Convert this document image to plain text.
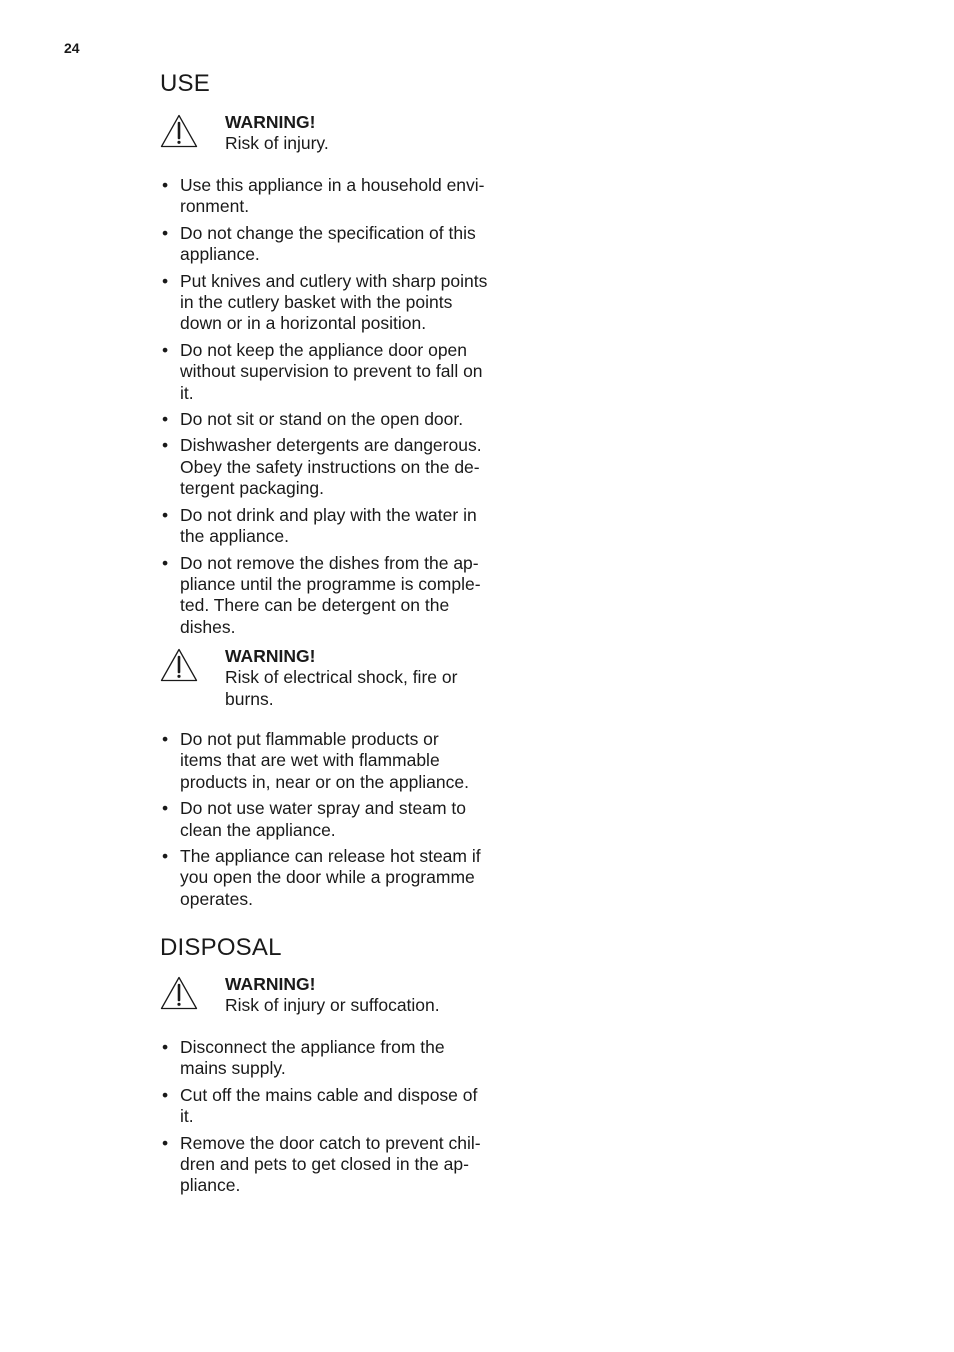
24
USE
WARNING!
Risk of injury.
• Use this appliance in a household envi-
ronment.
• Do not change the specification of this
appliance.
• Put knives and cutlery with sharp points
in the cutlery basket with the points
down or in a horizontal position.
• Do not keep the appliance door open
without supervision to prevent to fall on
it.
• Do not sit or stand on the open door.
• Dishwasher detergents are dangerous.
Obey the safety instructions on the de-
tergent packaging.
• Do not drink and play with the water in
the appliance.
• Do not remove the dishes from the ap-
pliance until the programme is comple-
ted. There can be detergent on the
dishes.
WARNING!
Risk of electrical shock, fire or
burns.
• Do not put flammable products or
items that are wet with flammable
products in, near or on the appliance.
• Do not use water spray and steam to
clean the appliance.
• The appliance can release hot steam if
you open the door while a programme
operates.
DISPOSAL
WARNING!
Risk of injury or suffocation.
• Disconnect the appliance from the
mains supply.
• Cut off the mains cable and dispose of
it.
• Remove the door catch to prevent chil-
dren and pets to get closed in the ap-
pliance.
